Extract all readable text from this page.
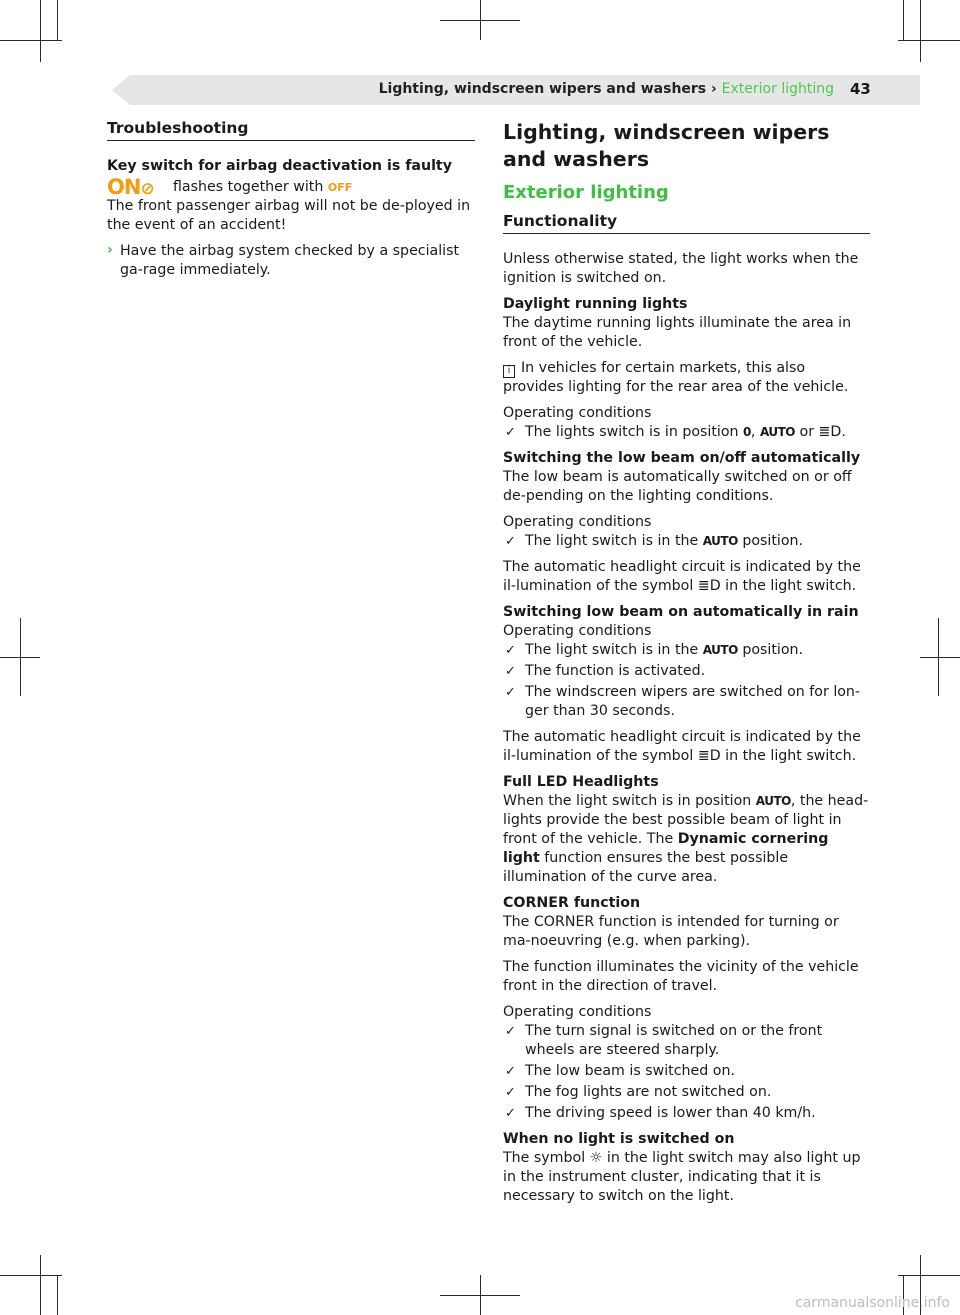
Lighting, windscreen wipers and washers › Exterior lighting 43
Troubleshooting

Key switch for airbag deactivation is faulty

ON⊘	flashes together with OFF

The front passenger airbag will not be de-ployed in the event of an accident!

› Have the airbag system checked by a specialist ga-rage immediately.

Lighting, windscreen wipers and washers
Exterior lighting
Functionality

Unless otherwise stated, the light works when the ignition is switched on.

Daylight running lights

The daytime running lights illuminate the area in front of the vehicle.

i In vehicles for certain markets, this also provides lighting for the rear area of the vehicle.

Operating conditions

✓ The lights switch is in position 0, AUTO or ≣D.

Switching the low beam on/off automatically

The low beam is automatically switched on or off de-pending on the lighting conditions.

Operating conditions

✓ The light switch is in the AUTO position.

The automatic headlight circuit is indicated by the il-lumination of the symbol ≣D in the light switch.

Switching low beam on automatically in rain

Operating conditions

✓ The light switch is in the AUTO position.

✓ The function is activated.

✓ The windscreen wipers are switched on for lon-ger than 30 seconds.

The automatic headlight circuit is indicated by the il-lumination of the symbol ≣D in the light switch.

Full LED Headlights

When the light switch is in position AUTO, the head-lights provide the best possible beam of light in front of the vehicle. The Dynamic cornering light function ensures the best possible illumination of the curve area.

CORNER function

The CORNER function is intended for turning or ma-noeuvring (e.g. when parking).

The function illuminates the vicinity of the vehicle front in the direction of travel.

Operating conditions

✓ The turn signal is switched on or the front wheels are steered sharply.

✓ The low beam is switched on.

✓ The fog lights are not switched on.

✓ The driving speed is lower than 40 km/h.

When no light is switched on

The symbol ☼ in the light switch may also light up in the instrument cluster, indicating that it is necessary to switch on the light.

carmanualsonline.info
